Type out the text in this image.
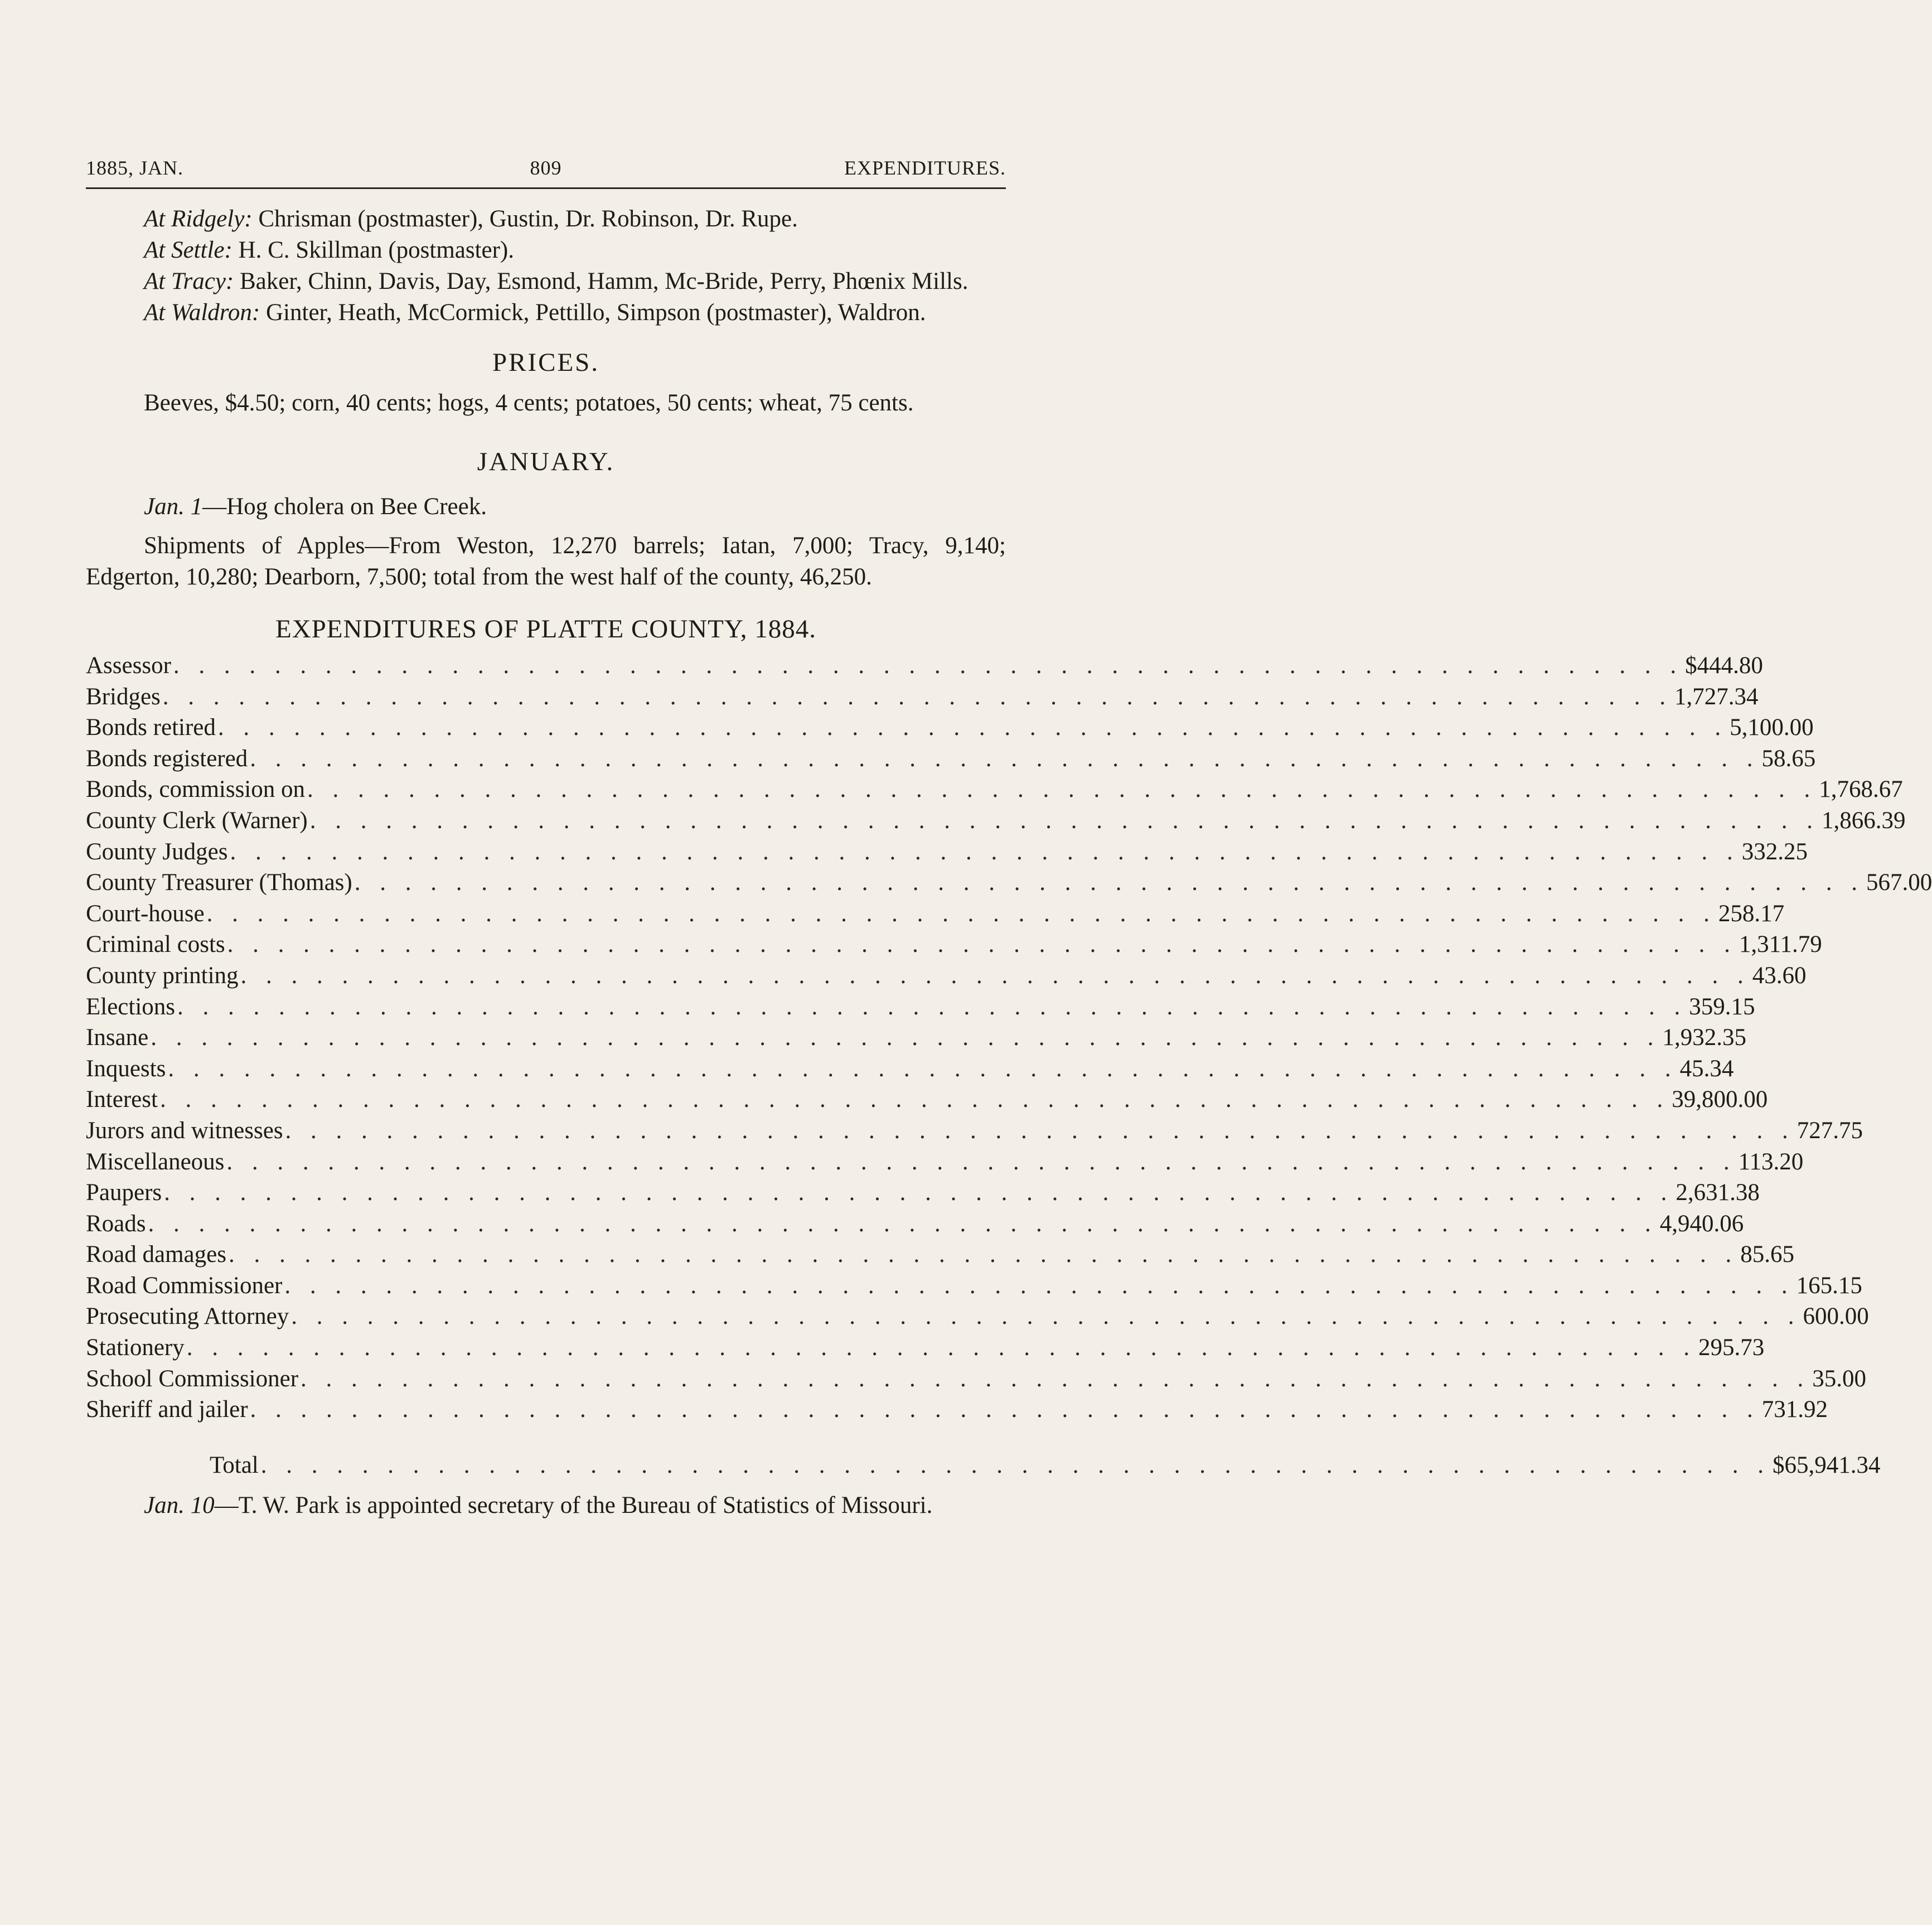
1885, JAN.	809	EXPENDITURES.

At Ridgely: Chrisman (postmaster), Gustin, Dr. Robinson, Dr. Rupe.

At Settle: H. C. Skillman (postmaster).

At Tracy: Baker, Chinn, Davis, Day, Esmond, Hamm, Mc-Bride, Perry, Phœnix Mills.

At Waldron: Ginter, Heath, McCormick, Pettillo, Simpson (postmaster), Waldron.

PRICES.

Beeves, $4.50; corn, 40 cents; hogs, 4 cents; potatoes, 50 cents; wheat, 75 cents.

JANUARY.

Jan. 1—Hog cholera on Bee Creek.

Shipments of Apples—From Weston, 12,270 barrels; Iatan, 7,000; Tracy, 9,140; Edgerton, 10,280; Dearborn, 7,500; total from the west half of the county, 46,250.

EXPENDITURES OF PLATTE COUNTY, 1884.
Assessor . . . . . . . . . . . . . . . . . . . . . . . . . . . . . . . . . . . . . . . . . . . . . . . . . . . . . . . . . . . . $ 444.80
Bridges . . . . . . . . . . . . . . . . . . . . . . . . . . . . . . . . . . . . . . . . . . . . . . . . . . . . . . . . . . . . 1,727.34
Bonds retired . . . . . . . . . . . . . . . . . . . . . . . . . . . . . . . . . . . . . . . . . . . . . . . . . . . . . . . . . . . . 5,100.00
Bonds registered . . . . . . . . . . . . . . . . . . . . . . . . . . . . . . . . . . . . . . . . . . . . . . . . . . . . . . . . . . . . 58.65
Bonds, commission on . . . . . . . . . . . . . . . . . . . . . . . . . . . . . . . . . . . . . . . . . . . . . . . . . . . . . . . . . . . . 1,768.67
County Clerk (Warner) . . . . . . . . . . . . . . . . . . . . . . . . . . . . . . . . . . . . . . . . . . . . . . . . . . . . . . . . . . . . 1,866.39
County Judges . . . . . . . . . . . . . . . . . . . . . . . . . . . . . . . . . . . . . . . . . . . . . . . . . . . . . . . . . . . . 332.25
County Treasurer (Thomas) . . . . . . . . . . . . . . . . . . . . . . . . . . . . . . . . . . . . . . . . . . . . . . . . . . . . . . . . . . . . 567.00
Court-house . . . . . . . . . . . . . . . . . . . . . . . . . . . . . . . . . . . . . . . . . . . . . . . . . . . . . . . . . . . . 258.17
Criminal costs . . . . . . . . . . . . . . . . . . . . . . . . . . . . . . . . . . . . . . . . . . . . . . . . . . . . . . . . . . . . 1,311.79
County printing . . . . . . . . . . . . . . . . . . . . . . . . . . . . . . . . . . . . . . . . . . . . . . . . . . . . . . . . . . . . 43.60
Elections . . . . . . . . . . . . . . . . . . . . . . . . . . . . . . . . . . . . . . . . . . . . . . . . . . . . . . . . . . . . 359.15
Insane . . . . . . . . . . . . . . . . . . . . . . . . . . . . . . . . . . . . . . . . . . . . . . . . . . . . . . . . . . . . 1,932.35
Inquests . . . . . . . . . . . . . . . . . . . . . . . . . . . . . . . . . . . . . . . . . . . . . . . . . . . . . . . . . . . . 45.34
Interest . . . . . . . . . . . . . . . . . . . . . . . . . . . . . . . . . . . . . . . . . . . . . . . . . . . . . . . . . . . . 39,800.00
Jurors and witnesses . . . . . . . . . . . . . . . . . . . . . . . . . . . . . . . . . . . . . . . . . . . . . . . . . . . . . . . . . . . . 727.75
Miscellaneous . . . . . . . . . . . . . . . . . . . . . . . . . . . . . . . . . . . . . . . . . . . . . . . . . . . . . . . . . . . . 113.20
Paupers . . . . . . . . . . . . . . . . . . . . . . . . . . . . . . . . . . . . . . . . . . . . . . . . . . . . . . . . . . . . 2,631.38
Roads . . . . . . . . . . . . . . . . . . . . . . . . . . . . . . . . . . . . . . . . . . . . . . . . . . . . . . . . . . . . 4,940.06
Road damages . . . . . . . . . . . . . . . . . . . . . . . . . . . . . . . . . . . . . . . . . . . . . . . . . . . . . . . . . . . . 85.65
Road Commissioner . . . . . . . . . . . . . . . . . . . . . . . . . . . . . . . . . . . . . . . . . . . . . . . . . . . . . . . . . . . . 165.15
Prosecuting Attorney . . . . . . . . . . . . . . . . . . . . . . . . . . . . . . . . . . . . . . . . . . . . . . . . . . . . . . . . . . . . 600.00
Stationery . . . . . . . . . . . . . . . . . . . . . . . . . . . . . . . . . . . . . . . . . . . . . . . . . . . . . . . . . . . . 295.73
School Commissioner . . . . . . . . . . . . . . . . . . . . . . . . . . . . . . . . . . . . . . . . . . . . . . . . . . . . . . . . . . . . 35.00
Sheriff and jailer . . . . . . . . . . . . . . . . . . . . . . . . . . . . . . . . . . . . . . . . . . . . . . . . . . . . . . . . . . . . 731.92
Total . . . . . . . . . . . . . . . . . . . . . . . . . . . . . . . . . . . . . . . . . . . . . . . . . . . . . . . . . . . . $65,941.34

Jan. 10—T. W. Park is appointed secretary of the Bureau of Statistics of Missouri.
